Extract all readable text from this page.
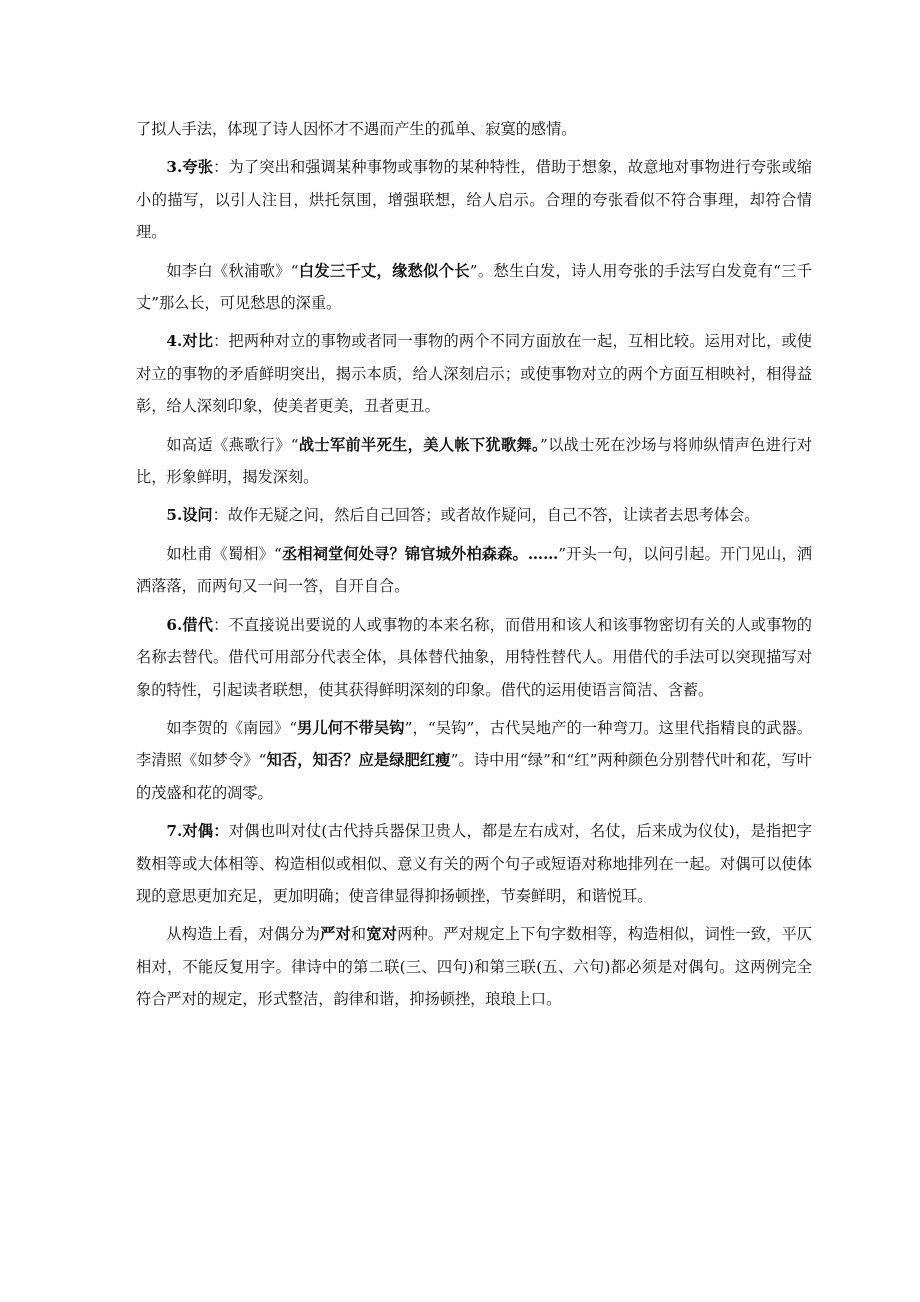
了拟人手法，体现了诗人因怀才不遇而产生的孤单、寂寞的感情。

3.夸张：为了突出和强调某种事物或事物的某种特性，借助于想象，故意地对事物进行夸张或缩小的描写，以引人注目，烘托氛围，增强联想，给人启示。合理的夸张看似不符合事理，却符合情理。

如李白《秋浦歌》“白发三千丈，缘愁似个长”。愁生白发，诗人用夸张的手法写白发竟有“三千丈”那么长，可见愁思的深重。

4.对比：把两种对立的事物或者同一事物的两个不同方面放在一起，互相比较。运用对比，或使对立的事物的矛盾鲜明突出，揭示本质，给人深刻启示；或使事物对立的两个方面互相映衬，相得益彰，给人深刻印象，使美者更美，丑者更丑。

如高适《燕歌行》“战士军前半死生，美人帐下犹歌舞。”以战士死在沙场与将帅纵情声色进行对比，形象鲜明，揭发深刻。

5.设问：故作无疑之问，然后自己回答；或者故作疑问，自己不答，让读者去思考体会。

如杜甫《蜀相》“丞相祠堂何处寻？锦官城外柏森森。……”开头一句，以问引起。开门见山，洒洒落落，而两句又一问一答，自开自合。

6.借代：不直接说出要说的人或事物的本来名称，而借用和该人和该事物密切有关的人或事物的名称去替代。借代可用部分代表全体，具体替代抽象，用特性替代人。用借代的手法可以突现描写对象的特性，引起读者联想，使其获得鲜明深刻的印象。借代的运用使语言简洁、含蓄。

如李贺的《南园》“男儿何不带吴钩”，“吴钩”，古代吴地产的一种弯刀。这里代指精良的武器。李清照《如梦令》“知否，知否？应是绿肥红瘦”。诗中用“绿”和“红”两种颜色分别替代叶和花，写叶的茂盛和花的凋零。

7.对偶：对偶也叫对仗(古代持兵器保卫贵人，都是左右成对，名仗，后来成为仪仗)，是指把字数相等或大体相等、构造相似或相似、意义有关的两个句子或短语对称地排列在一起。对偶可以使体现的意思更加充足，更加明确；使音律显得抑扬顿挫，节奏鲜明，和谐悦耳。

从构造上看，对偶分为严对和宽对两种。严对规定上下句字数相等，构造相似，词性一致，平仄相对，不能反复用字。律诗中的第二联(三、四句)和第三联(五、六句)都必须是对偶句。这两例完全符合严对的规定，形式整洁，韵律和谐，抑扬顿挫，琅琅上口。
